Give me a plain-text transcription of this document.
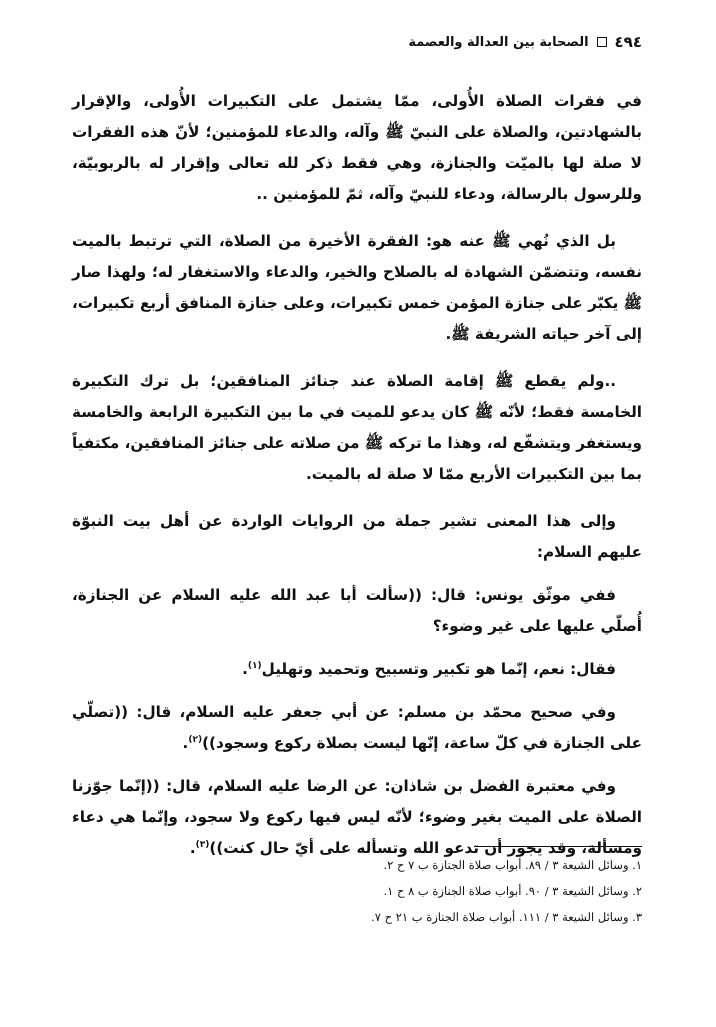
٤٩٤
الصحابة بين العدالة والعصمة

في فقرات الصلاة الأُولى، ممّا يشتمل على التكبيرات الأُولى، والإقرار بالشهادتين، والصلاة على النبيّ ﷺ وآله، والدعاء للمؤمنين؛ لأنّ هذه الفقرات لا صلة لها بالميّت والجنازة، وهي فقط ذكر لله تعالى وإقرار له بالربوبيّة، وللرسول بالرسالة، ودعاء للنبيّ وآله، ثمّ للمؤمنين ..

بل الذي نُهي ﷺ عنه هو: الفقرة الأخيرة من الصلاة، التي ترتبط بالميت نفسه، وتتضمّن الشهادة له بالصلاح والخير، والدعاء والاستغفار له؛ ولهذا صار ﷺ يكبّر على جنازة المؤمن خمس تكبيرات، وعلى جنازة المنافق أربع تكبيرات، إلى آخر حياته الشريفة ﷺ.

..ولم يقطع ﷺ إقامة الصلاة عند جنائز المنافقين؛ بل ترك التكبيرة الخامسة فقط؛ لأنّه ﷺ كان يدعو للميت في ما بين التكبيرة الرابعة والخامسة ويستغفر ويتشفّع له، وهذا ما تركه ﷺ من صلاته على جنائز المنافقين، مكتفياً بما بين التكبيرات الأربع ممّا لا صلة له بالميت.

وإلى هذا المعنى تشير جملة من الروايات الواردة عن أهل بيت النبوّة عليهم السلام:

ففي موثّق يونس: قال: ((سألت أبا عبد الله عليه السلام عن الجنازة، أُصلّي عليها على غير وضوء؟

فقال: نعم، إنّما هو تكبير وتسبيح وتحميد وتهليل$^{(١)}$.

وفي صحيح محمّد بن مسلم: عن أبي جعفر عليه السلام، قال: ((تصلّي على الجنازة في كلّ ساعة، إنّها ليست بصلاة ركوع وسجود))$^{(٢)}$.

وفي معتبرة الفضل بن شاذان: عن الرضا عليه السلام، قال: ((إنّما جوّزنا الصلاة على الميت بغير وضوء؛ لأنّه ليس فيها ركوع ولا سجود، وإنّما هي دعاء ومسألة، وقد يجوز أن تدعو الله وتسأله على أيّ حال كنت))$^{(٣)}$.

١. وسائل الشيعة ٣ / ٨٩. أبواب صلاة الجنازة ب ٧ ح ٢.
٢. وسائل الشيعة ٣ / ٩٠. أبواب صلاة الجنازة ب ٨ ح ١.
٣. وسائل الشيعة ٣ / ١١١. أبواب صلاة الجنازة ب ٢١ ح ٧.
